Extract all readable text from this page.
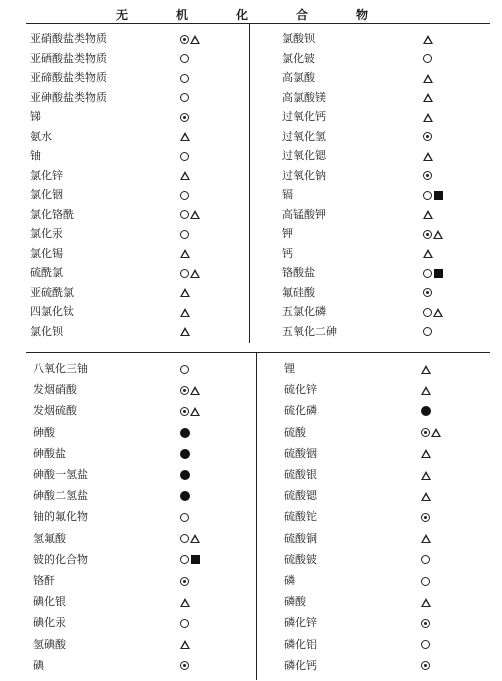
无　机　化　合　物
亚硝酸盐类物质
亚硒酸盐类物质
亚碲酸盐类物质
亚砷酸盐类物质
锑
氨水
铀
氯化锌
氯化铟
氯化铬酰
氯化汞
氯化锡
硫酰氯
亚硫酰氯
四氯化钛
氯化钡
氯酸钡
氯化铍
高氯酸
高氯酸镁
过氧化钙
过氧化氢
过氧化锶
过氧化钠
镉
高锰酸钾
钾
钙
铬酸盐
氟硅酸
五氯化磷
五氧化二砷
八氧化三铀
发烟硝酸
发烟硫酸
砷酸
砷酸盐
砷酸一氢盐
砷酸二氢盐
铀的氟化物
氢氟酸
铍的化合物
铬酐
碘化银
碘化汞
氢碘酸
碘
锂
硫化锌
硫化磷
硫酸
硫酸铟
硫酸银
硫酸锶
硫酸铊
硫酸铜
硫酸铍
磷
磷酸
磷化锌
磷化铝
磷化钙
